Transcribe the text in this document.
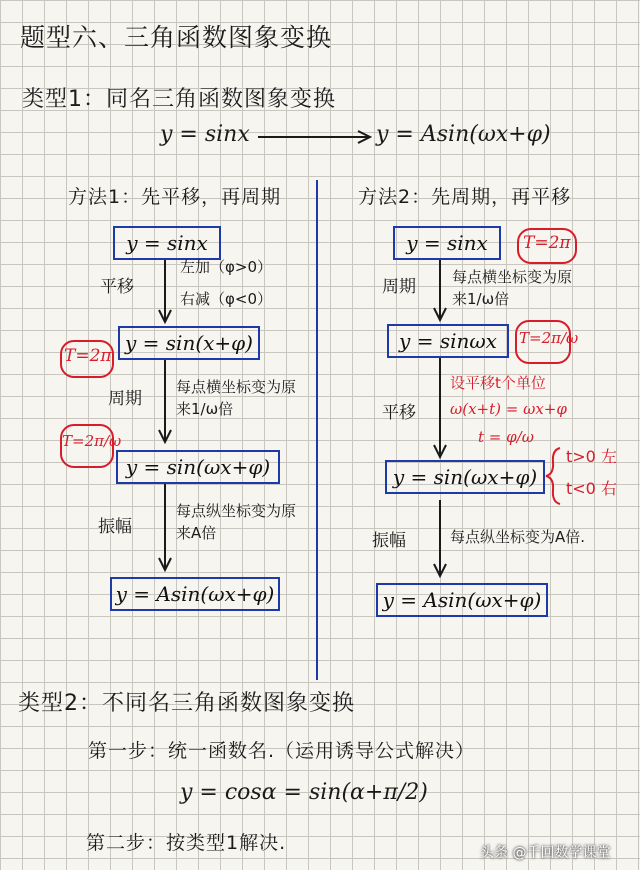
题型六、三角函数图象变换
类型1：同名三角函数图象变换
y = sinx	y = Asin(ωx+φ)
方法1：先平移，再周期
y = sinx
平移
左加（φ>0）
右减（φ<0）
y = sin(x+φ)
T=2π
周期
每点横坐标变为原来1/ω倍
T=2π/ω
y = sin(ωx+φ)
振幅
每点纵坐标变为原来A倍
y = Asin(ωx+φ)
方法2：先周期，再平移
y = sinx	T=2π
周期 每点横坐标变为原来1/ω倍
y = sinωx	T=2π/ω
设平移t个单位
ω(x+t) = ωx+φ
t = φ/ω
平移
y = sin(ωx+φ)
t>0 左
t<0 右
振幅	每点纵坐标变为A倍.
y = Asin(ωx+φ)
类型2：不同名三角函数图象变换
第一步：统一函数名.（运用诱导公式解决）
y = cosα = sin(α+π/2)
第二步：按类型1解决.	头条 @千回数学课堂
